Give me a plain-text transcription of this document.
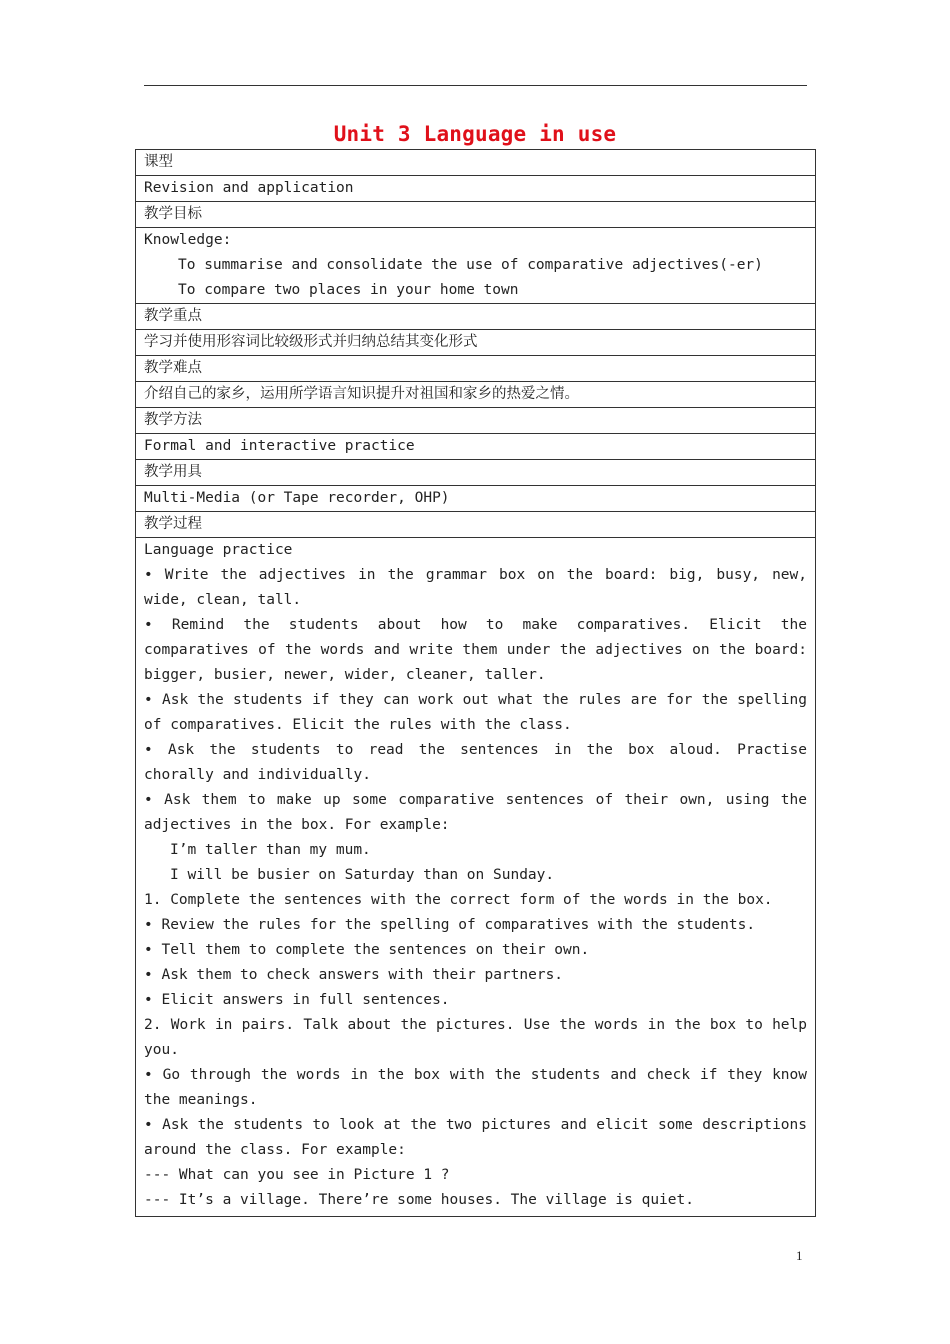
Unit 3 Language in use
课型
Revision and application
教学目标

Knowledge:
To summarise and consolidate the use of comparative adjectives(-er)
To compare two places in your home town

教学重点
学习并使用形容词比较级形式并归纳总结其变化形式
教学难点
介绍自己的家乡，运用所学语言知识提升对祖国和家乡的热爱之情。
教学方法
Formal and interactive practice
教学用具
Multi-Media (or Tape recorder, OHP)
教学过程

Language practice
• Write the adjectives in the grammar box on the board: big, busy, new, wide, clean, tall.
• Remind the students about how to make comparatives. Elicit the comparatives of the words and write them under the adjectives on the board: bigger, busier, newer, wider, cleaner, taller.
• Ask the students if they can work out what the rules are for the spelling of comparatives. Elicit the rules with the class.
• Ask the students to read the sentences in the box aloud. Practise chorally and individually.
• Ask them to make up some comparative sentences of their own, using the adjectives in the box. For example:
I’m taller than my mum.
I will be busier on Saturday than on Sunday.
1. Complete the sentences with the correct form of the words in the box.
• Review the rules for the spelling of comparatives with the students.
• Tell them to complete the sentences on their own.
• Ask them to check answers with their partners.
• Elicit answers in full sentences.
2. Work in pairs. Talk about the pictures. Use the words in the box to help you.
• Go through the words in the box with the students and check if they know the meanings.
• Ask the students to look at the two pictures and elicit some descriptions around the class. For example:
--- What can you see in Picture 1 ?
--- It’s a village. There’re some houses. The village is quiet.
1
